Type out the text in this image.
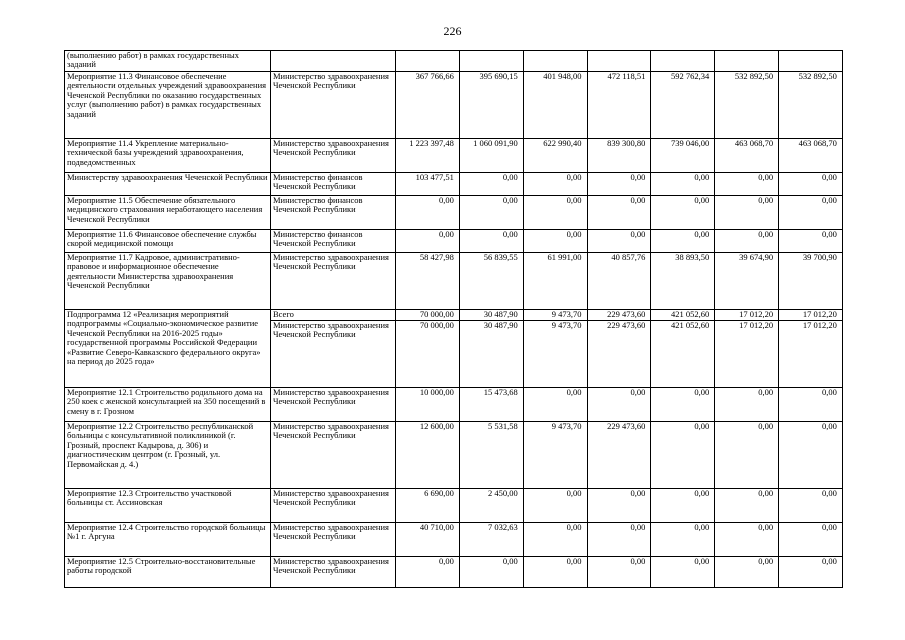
226
(выполнению работ) в рамках государственных заданий								
Мероприятие 11.3 Финансовое обеспечение деятельности отдельных учреждений здравоохранения Чеченской Республики по оказанию государственных услуг (выполнению работ) в рамках государственных заданий	Министерство здравоохранения Чеченской Республики	367 766,66	395 690,15	401 948,00	472 118,51	592 762,34	532 892,50	532 892,50
Мероприятие 11.4 Укрепление материально-технической базы учреждений здравоохранения, подведомственных	Министерство здравоохранения Чеченской Республики	1 223 397,48	1 060 091,90	622 990,40	839 300,80	739 046,00	463 068,70	463 068,70
Министерству здравоохранения Чеченской Республики	Министерство финансов Чеченской Республики	103 477,51	0,00	0,00	0,00	0,00	0,00	0,00
Мероприятие 11.5 Обеспечение обязательного медицинского страхования неработающего населения Чеченской Республики	Министерство финансов Чеченской Республики	0,00	0,00	0,00	0,00	0,00	0,00	0,00
Мероприятие 11.6 Финансовое обеспечение службы скорой медицинской помощи	Министерство финансов Чеченской Республики	0,00	0,00	0,00	0,00	0,00	0,00	0,00
Мероприятие 11.7 Кадровое, административно-правовое и информационное обеспечение деятельности Министерства здравоохранения Чеченской Республики	Министерство здравоохранения Чеченской Республики	58 427,98	56 839,55	61 991,00	40 857,76	38 893,50	39 674,90	39 700,90
Подпрограмма 12 «Реализация мероприятий подпрограммы «Социально-экономическое развитие Чеченской Республики на 2016-2025 годы» государственной программы Российской Федерации «Развитие Северо-Кавказского федерального округа» на период до 2025 года»	Всего	70 000,00	30 487,90	9 473,70	229 473,60	421 052,60	17 012,20	17 012,20
	Министерство здравоохранения Чеченской Республики	70 000,00	30 487,90	9 473,70	229 473,60	421 052,60	17 012,20	17 012,20
Мероприятие 12.1 Строительство родильного дома на 250 коек с женской консультацией на 350 посещений в смену в г. Грозном	Министерство здравоохранения Чеченской Республики	10 000,00	15 473,68	0,00	0,00	0,00	0,00	0,00
Мероприятие 12.2 Строительство республиканской больницы с консультативной поликлиникой (г. Грозный, проспект Кадырова, д. 306) и диагностическим центром (г. Грозный, ул. Первомайская д. 4.)	Министерство здравоохранения Чеченской Республики	12 600,00	5 531,58	9 473,70	229 473,60	0,00	0,00	0,00
Мероприятие 12.3 Строительство участковой больницы ст. Ассиновская	Министерство здравоохранения Чеченской Республики	6 690,00	2 450,00	0,00	0,00	0,00	0,00	0,00
Мероприятие 12.4 Строительство городской больницы №1 г. Аргуна	Министерство здравоохранения Чеченской Республики	40 710,00	7 032,63	0,00	0,00	0,00	0,00	0,00
Мероприятие 12.5 Строительно-восстановительные работы городской	Министерство здравоохранения Чеченской Республики	0,00	0,00	0,00	0,00	0,00	0,00	0,00
